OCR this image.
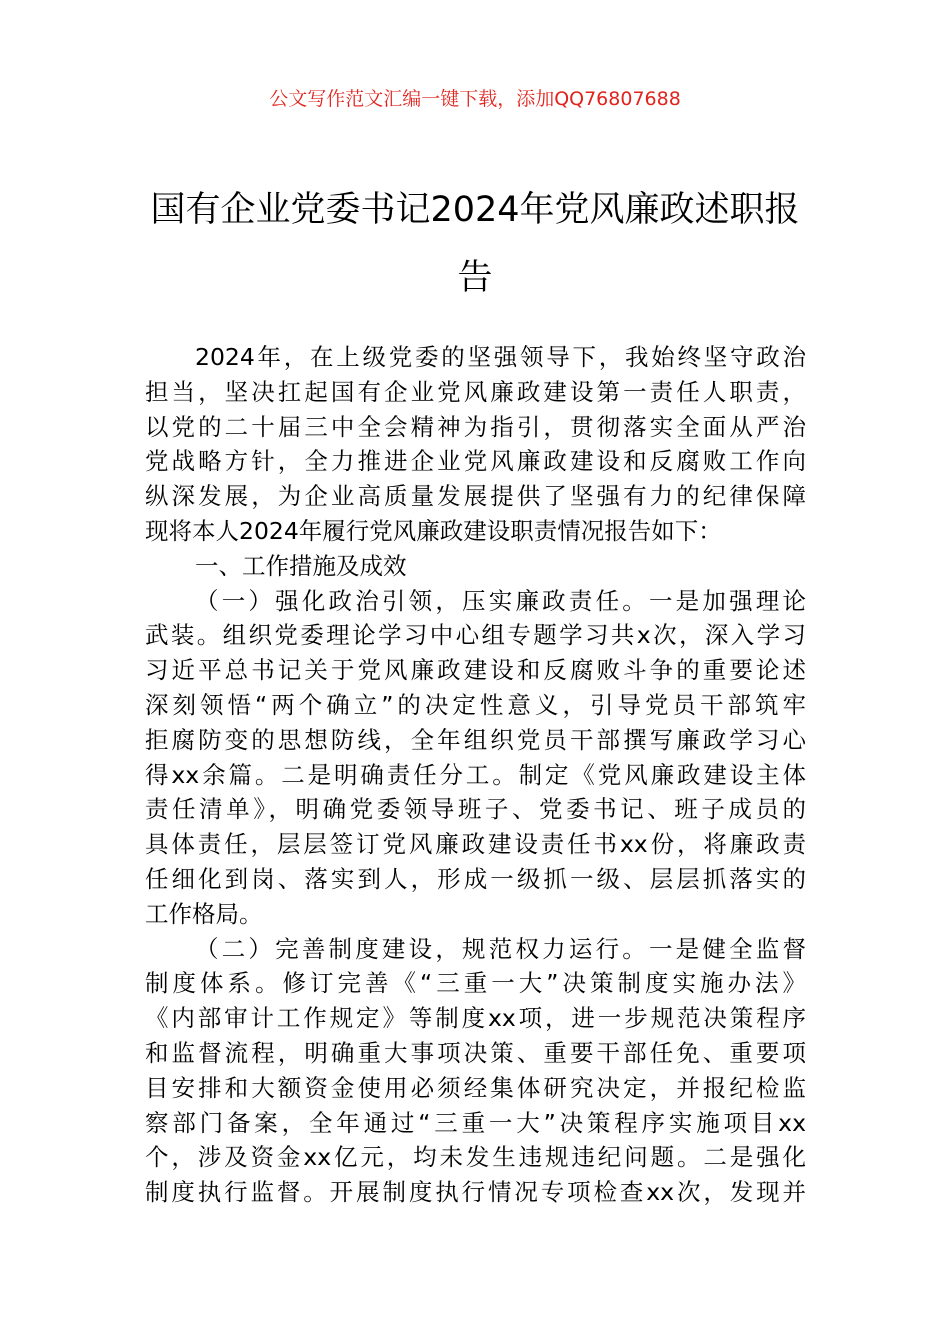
公文写作范文汇编一键下载，添加QQ76807688
国有企业党委书记2024年党风廉政述职报
告
2024年，在上级党委的坚强领导下，我始终坚守政治
担当，坚决扛起国有企业党风廉政建设第一责任人职责，
以党的二十届三中全会精神为指引，贯彻落实全面从严治
党战略方针，全力推进企业党风廉政建设和反腐败工作向
纵深发展，为企业高质量发展提供了坚强有力的纪律保障
现将本人2024年履行党风廉政建设职责情况报告如下：
一、工作措施及成效
（一）强化政治引领，压实廉政责任。一是加强理论
武装。组织党委理论学习中心组专题学习共x次，深入学习
习近平总书记关于党风廉政建设和反腐败斗争的重要论述
深刻领悟“两个确立”的决定性意义，引导党员干部筑牢
拒腐防变的思想防线，全年组织党员干部撰写廉政学习心
得xx余篇。二是明确责任分工。制定《党风廉政建设主体
责任清单》，明确党委领导班子、党委书记、班子成员的
具体责任，层层签订党风廉政建设责任书xx份，将廉政责
任细化到岗、落实到人，形成一级抓一级、层层抓落实的
工作格局。
（二）完善制度建设，规范权力运行。一是健全监督
制度体系。修订完善《“三重一大”决策制度实施办法》
《内部审计工作规定》等制度xx项，进一步规范决策程序
和监督流程，明确重大事项决策、重要干部任免、重要项
目安排和大额资金使用必须经集体研究决定，并报纪检监
察部门备案，全年通过“三重一大”决策程序实施项目xx
个，涉及资金xx亿元，均未发生违规违纪问题。二是强化
制度执行监督。开展制度执行情况专项检查xx次，发现并
